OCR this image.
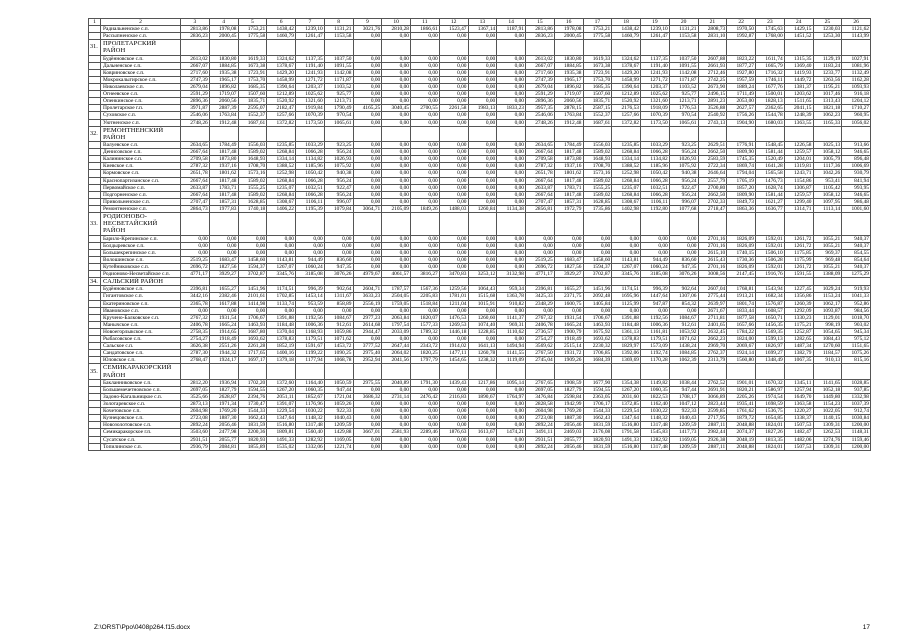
1	2	3	4	5	6	7	8	9	10	11	12	13	14	15	16	17	18	19	20	21	22	23	24	25	26
	Радиальненское с.п.	2813,86	1978,08	1753,21	1438,42	1239,10	1131,21	3021,76	2810,28	1866,61	1523,47	1367,14	1187,91	2813,86	1978,08	1753,21	1438,42	1239,10	1131,21	2808,73	1970,50	1745,63	1429,15	1230,03	1121,62
	Рассыпненское с.п.	2836,23	2000,45	1775,58	1460,79	1261,47	1153,58	0,00	0,00	0,00	0,00	0,00	0,00	2836,23	2000,45	1775,58	1460,79	1261,47	1153,58	2831,10	1992,87	1768,00	1451,52	1253,30	1143,99
31.	ПРОЛЕТАРСКИЙ РАЙОН																								
	Будённовское с.п.	2613,02	1830,80	1619,33	1324,62	1137,35	1037,50	0,00	0,00	0,00	0,00	0,00	0,00	2613,02	1830,80	1619,33	1324,62	1137,35	1037,50	2607,88	1823,22	1611,74	1315,35	1129,19	1027,91
	Дальненское с.п.	2667,07	1884,85	1673,38	1378,67	1191,40	1091,55	0,00	0,00	0,00	0,00	0,00	0,00	2667,07	1884,85	1673,38	1378,67	1191,40	1091,55	2661,93	1877,27	1665,79	1369,40	1183,24	1081,96
	Ковриновское с.п.	2717,60	1935,38	1723,91	1429,20	1241,93	1142,08	0,00	0,00	0,00	0,00	0,00	0,00	2717,60	1935,38	1723,91	1429,20	1241,93	1142,08	2712,46	1927,80	1716,32	1419,93	1233,77	1132,49
	Мокрокалыгирское с.п.	2747,39	1965,17	1753,70	1458,99	1271,72	1171,87	0,00	0,00	0,00	0,00	0,00	0,00	2747,39	1965,17	1753,70	1458,99	1271,72	1171,87	2742,25	1957,59	1746,11	1449,72	1263,56	1162,28
	Николаевское с.п.	2679,04	1896,82	1685,35	1390,64	1203,37	1103,52	0,00	0,00	0,00	0,00	0,00	0,00	2679,04	1896,82	1685,35	1390,64	1203,37	1103,52	2673,90	1889,24	1677,76	1381,37	1195,21	1093,93
	Огнеевское с.п.	2591,29	1719,07	1507,60	1212,89	1025,62	925,77	0,00	0,00	0,00	0,00	0,00	0,00	2591,29	1719,07	1507,60	1212,89	1025,62	925,77	2496,15	1711,49	1500,01	1203,62	1017,46	916,18
	Опенкинское с.п.	2896,36	2060,56	1835,71	1520,92	1321,60	1213,71	0,00	0,00	0,00	0,00	0,00	0,00	2896,36	2060,56	1835,71	1520,92	1321,60	1213,71	2891,23	2053,00	1828,13	1511,65	1313,43	1204,12
	Пролетарское г.п.	3971,87	2887,39	2595,07	2182,47	1919,84	1790,49	4165,25	3040,45	2700,55	2261,58	1983,13	1833,23	3957,35	2878,15	2587,15	2176,53	1918,09	1776,53	3526,88	2627,57	2362,65	2041,15	1821,18	1710,27
	Суховское с.п.	2546,06	1763,84	1552,37	1257,66	1070,39	970,54	0,00	0,00	0,00	0,00	0,00	0,00	2546,06	1763,84	1552,37	1257,66	1070,39	970,54	2540,92	1756,26	1544,78	1248,39	1062,23	960,95
	Уютненское с.п.	2748,26	1912,48	1687,61	1372,82	1173,50	1065,61	0,00	0,00	0,00	0,00	0,00	0,00	2748,26	1912,48	1687,61	1372,82	1173,50	1065,61	2743,13	1904,90	1680,03	1363,55	1165,33	1056,02
32.	РЕМОНТНЕНСКИЙ РАЙОН																								
	Валуевское с.п.	2634,65	1784,49	1556,03	1235,85	1033,29	923,25	0,00	0,00	0,00	0,00	0,00	0,00	2634,65	1784,49	1556,03	1235,85	1033,29	923,25	2629,51	1776,91	1548,45	1226,58	1025,13	913,66
	Денисовское с.п.	2667,64	1817,48	1589,02	1268,84	1066,28	956,24	0,00	0,00	0,00	0,00	0,00	0,00	2667,64	1817,48	1589,02	1268,84	1066,28	956,24	2662,50	1809,90	1581,44	1259,57	1058,12	946,65
	Калининское с.п.	2709,58	1873,80	1648,93	1334,14	1134,82	1026,93	0,00	0,00	0,00	0,00	0,00	0,00	2709,58	1873,80	1648,93	1334,14	1134,82	1026,93	2583,59	1745,35	1520,49	1204,01	1005,79	896,48
	Киевское с.п.	2787,32	1937,16	1708,70	1388,52	1185,96	1075,92	0,00	0,00	0,00	0,00	0,00	0,00	2787,32	1937,16	1708,70	1388,52	1185,96	1075,92	2722,34	1869,74	1641,28	1319,81	1117,36	1006,69
	Кормовское с.п.	2651,78	1801,62	1573,16	1252,98	1050,42	940,38	0,00	0,00	0,00	0,00	0,00	0,00	2651,78	1801,62	1573,16	1252,98	1050,42	940,38	2646,64	1794,04	1565,58	1243,71	1042,26	930,79
	Краснопартизанское с.п.	2667,64	1817,48	1589,02	1268,84	1066,28	956,24	0,00	0,00	0,00	0,00	0,00	0,00	2667,64	1817,48	1589,02	1268,84	1066,28	956,24	2557,79	1705,19	1476,73	1154,86	953,41	841,94
	Первомайское с.п.	2633,87	1783,71	1555,25	1235,07	1032,51	922,47	0,00	0,00	0,00	0,00	0,00	0,00	2633,87	1783,71	1555,25	1235,07	1032,51	922,47	2700,80	1857,20	1628,74	1306,87	1105,42	993,95
	Подгорненское с.п.	2667,64	1817,48	1589,02	1268,84	1066,28	956,24	0,00	0,00	0,00	0,00	0,00	0,00	2667,64	1817,48	1589,02	1268,84	1066,28	956,24	2662,50	1809,90	1581,44	1259,57	1058,12	946,65
	Привольненское с.п.	2707,47	1857,31	1628,85	1308,67	1106,11	996,07	0,00	0,00	0,00	0,00	0,00	0,00	2707,47	1857,31	1628,85	1308,67	1106,11	996,07	2702,33	1849,73	1621,27	1299,40	1097,95	986,48
	Ремонтненское с.п.	2864,73	1977,83	1740,18	1406,22	1195,39	1079,84	3064,71	2105,09	1849,26	1488,03	1260,84	1134,38	2856,81	1972,79	1735,86	1402,98	1192,80	1077,68	2718,47	1863,36	1636,77	1314,71	1113,14	1001,60
33.	РОДИОНОВО-НЕСВЕТАЙСКИЙ РАЙОН																								
	Барило-Крепинское с.п.	0,00	0,00	0,00	0,00	0,00	0,00	0,00	0,00	0,00	0,00	0,00	0,00	0,00	0,00	0,00	0,00	0,00	0,00	2701,16	1826,09	1592,01	1261,72	1055,21	940,37
	Болдыревское с.п.	0,00	0,00	0,00	0,00	0,00	0,00	0,00	0,00	0,00	0,00	0,00	0,00	0,00	0,00	0,00	0,00	0,00	0,00	2701,16	1826,09	1592,01	1261,72	1055,21	940,37
	Большекрепинское с.п.	0,00	0,00	0,00	0,00	0,00	0,00	0,00	0,00	0,00	0,00	0,00	0,00	0,00	0,00	0,00	0,00	0,00	0,00	2615,10	1740,15	1506,10	1175,85	969,37	854,55
	Волошинское с.п.	2519,25	1683,47	1458,60	1143,81	944,49	836,60	0,00	0,00	0,00	0,00	0,00	0,00	2519,25	1683,47	1458,60	1143,81	944,49	836,60	2615,43	1730,36	1506,28	1175,99	969,48	854,64
	Кутейниковское с.п.	2696,72	1827,56	1594,37	1267,07	1060,24	947,35	0,00	0,00	0,00	0,00	0,00	0,00	2696,72	1827,56	1594,37	1267,07	1060,24	947,35	2701,16	1826,09	1592,01	1261,72	1055,21	940,37
	Родионово-Несветайское с.п.	4771,17	3929,27	3702,87	3345,76	3185,08	3076,26	4979,67	4061,57	3816,27	3470,83	3253,12	3132,98	4771,17	3929,27	3702,87	3345,76	3185,08	3076,26	3008,56	2147,45	1916,76	1591,55	1388,09	1275,29
34.	САЛЬСКИЙ РАЙОН																								
	Будённовское с.п.	2396,81	1655,27	1451,96	1174,51	996,39	902,64	2604,71	1787,57	1567,36	1259,56	1064,43	959,34	2396,81	1655,27	1451,96	1174,51	996,39	902,64	2607,04	1768,81	1543,94	1227,45	1029,24	919,93
	Гигантовское с.п.	3442,16	2382,46	2101,61	1702,85	1453,14	1311,67	3633,23	2504,05	2205,83	1781,01	1515,68	1363,78	3425,33	2371,75	2092,48	1695,96	1447,64	1307,06	2775,44	1913,21	1682,34	1356,86	1153,24	1041,33
	Екатериновское с.п.	2365,78	1617,88	1414,98	1133,74	953,59	858,89	2556,19	1759,05	1518,84	1211,04	1015,91	910,82	2348,29	1600,75	1405,84	1125,99	947,87	854,32	2639,97	1801,74	1576,87	1260,39	1062,17	952,86
	Ивановское с.п.	0,00	0,00	0,00	0,00	0,00	0,00	0,00	0,00	0,00	0,00	0,00	0,00	0,00	0,00	0,00	0,00	0,00	0,00	2671,67	1833,44	1608,57	1292,09	1093,87	984,56
	Кручено-Балковское с.п.	2767,32	1931,54	1706,67	1391,88	1192,56	1084,67	2977,23	2063,84	1820,07	1476,53	1260,60	1141,37	2767,32	1931,54	1706,67	1391,88	1192,56	1084,67	2711,81	1877,58	1650,71	1330,23	1129,01	1018,70
	Манычское с.п.	2406,78	1665,24	1463,93	1184,48	1006,36	912,61	2614,68	1797,54	1577,33	1269,53	1074,40	969,31	2406,78	1665,24	1463,93	1184,48	1006,36	912,61	2401,65	1657,66	1456,35	1175,21	998,19	903,02
	Новоегорлыкское с.п.	2758,35	1914,65	1687,80	1370,04	1168,93	1059,86	2944,47	2033,09	1789,32	1446,18	1228,85	1110,62	2736,57	1900,79	1675,92	1361,13	1161,81	1053,92	2632,45	1784,22	1569,35	1252,87	1054,65	945,34
	Рыбасовское с.п.	2754,27	1918,49	1693,62	1378,83	1179,51	1071,62	0,00	0,00	0,00	0,00	0,00	0,00	2754,27	1918,49	1693,62	1378,83	1179,51	1071,62	2662,23	1824,00	1599,13	1282,65	1084,43	975,12
	Сальское с.п.	3626,38	2551,26	2261,28	1852,19	1591,67	1453,72	3777,52	2647,44	2343,72	1914,02	1641,13	1494,94	3569,62	2515,14	2230,32	1829,97	1573,09	1438,24	2969,70	2069,67	1826,97	1487,34	1270,60	1151,65
	Сандатовское с.п.	2787,30	1944,32	1717,65	1400,16	1199,22	1090,25	2975,40	2064,02	1820,25	1477,11	1260,78	1141,55	2767,50	1931,72	1706,85	1392,06	1192,74	1084,85	2762,37	1924,14	1699,27	1382,79	1184,57	1075,26
	Юловское с.п.	2768,47	1924,17	1697,17	1379,18	1177,94	1068,78	2952,94	2041,56	1797,79	1454,65	1238,32	1119,09	2745,04	1909,26	1684,39	1369,69	1170,28	1062,39	2313,79	1560,80	1348,49	1067,35	910,13	815,16
35.	СЕМИКАРАКОРСКИЙ РАЙОН																								
	Бакланниковское с.п.	2812,20	1936,94	1702,20	1372,60	1164,40	1050,59	2975,55	2040,89	1791,30	1439,43	1217,86	1095,14	2767,65	1908,59	1677,90	1354,38	1149,82	1038,44	2762,52	1901,01	1670,32	1345,11	1141,65	1028,85
	Большемечетновское с.п.	2697,05	1827,79	1594,55	1267,20	1060,35	947,44	0,00	0,00	0,00	0,00	0,00	0,00	2697,05	1827,79	1594,55	1267,20	1060,35	947,44	2691,91	1820,21	1586,97	1257,94	1052,18	937,85
	Задоно-Кагальницкое с.п.	3525,66	2628,87	2394,76	2051,11	1852,67	1721,04	3686,32	2731,14	2476,42	2116,83	1890,67	1764,97	3476,84	2598,84	2363,05	2031,60	1822,53	1708,17	3066,89	2205,26	1974,54	1649,70	1449,80	1332,98
	Золотаревское с.п.	2873,13	1971,34	1730,47	1391,07	1176,96	1059,26	0,00	0,00	0,00	0,00	0,00	0,00	2828,58	1942,99	1706,17	1372,85	1162,40	1047,12	2823,44	1935,41	1698,59	1363,58	1154,23	1037,39
	Кочетовское с.п.	2604,98	1769,20	1544,33	1229,54	1030,22	922,33	0,00	0,00	0,00	0,00	0,00	0,00	2604,98	1769,20	1544,33	1229,54	1030,22	922,33	2599,85	1761,62	1536,75	1220,27	1022,05	912,74
	Кузнецовское с.п.	2723,08	1887,30	1662,43	1347,64	1148,32	1040,43	0,00	0,00	0,00	0,00	0,00	0,00	2723,08	1887,30	1662,43	1347,64	1148,32	1040,43	2717,95	1879,72	1654,85	1338,37	1140,15	1030,84
	Новозолотовское с.п.	2892,24	2056,46	1831,59	1516,80	1317,48	1209,59	0,00	0,00	0,00	0,00	0,00	0,00	2892,24	2056,46	1831,59	1516,80	1317,48	1209,59	2887,11	2048,88	1824,01	1507,53	1309,31	1200,00
	Семикаракорское г.п.	3503,60	2477,98	2200,36	1809,81	1560,40	1429,88	3667,01	2581,93	2289,46	1876,63	1613,67	1474,21	3491,11	2469,03	2176,08	1791,58	1545,83	1417,73	2982,44	2074,37	1827,26	1482,47	1262,53	1148,31
	Сусатское с.п.	2931,51	2055,77	1820,93	1491,33	1282,92	1169,05	0,00	0,00	0,00	0,00	0,00	0,00	2931,51	2055,77	1820,93	1491,33	1282,92	1169,05	2926,38	2048,19	1813,35	1482,06	1274,76	1159,46
	Топилинское с.п.	2936,79	2084,81	1855,89	1535,02	1332,06	1221,74	0,00	0,00	0,00	0,00	0,00	0,00	2892,24	2056,46	1831,59	1516,80	1317,48	1209,59	2887,11	2048,88	1824,01	1507,53	1309,31	1200,00
Z:\ORST\Ppo\0408p264.f15.docx	17
